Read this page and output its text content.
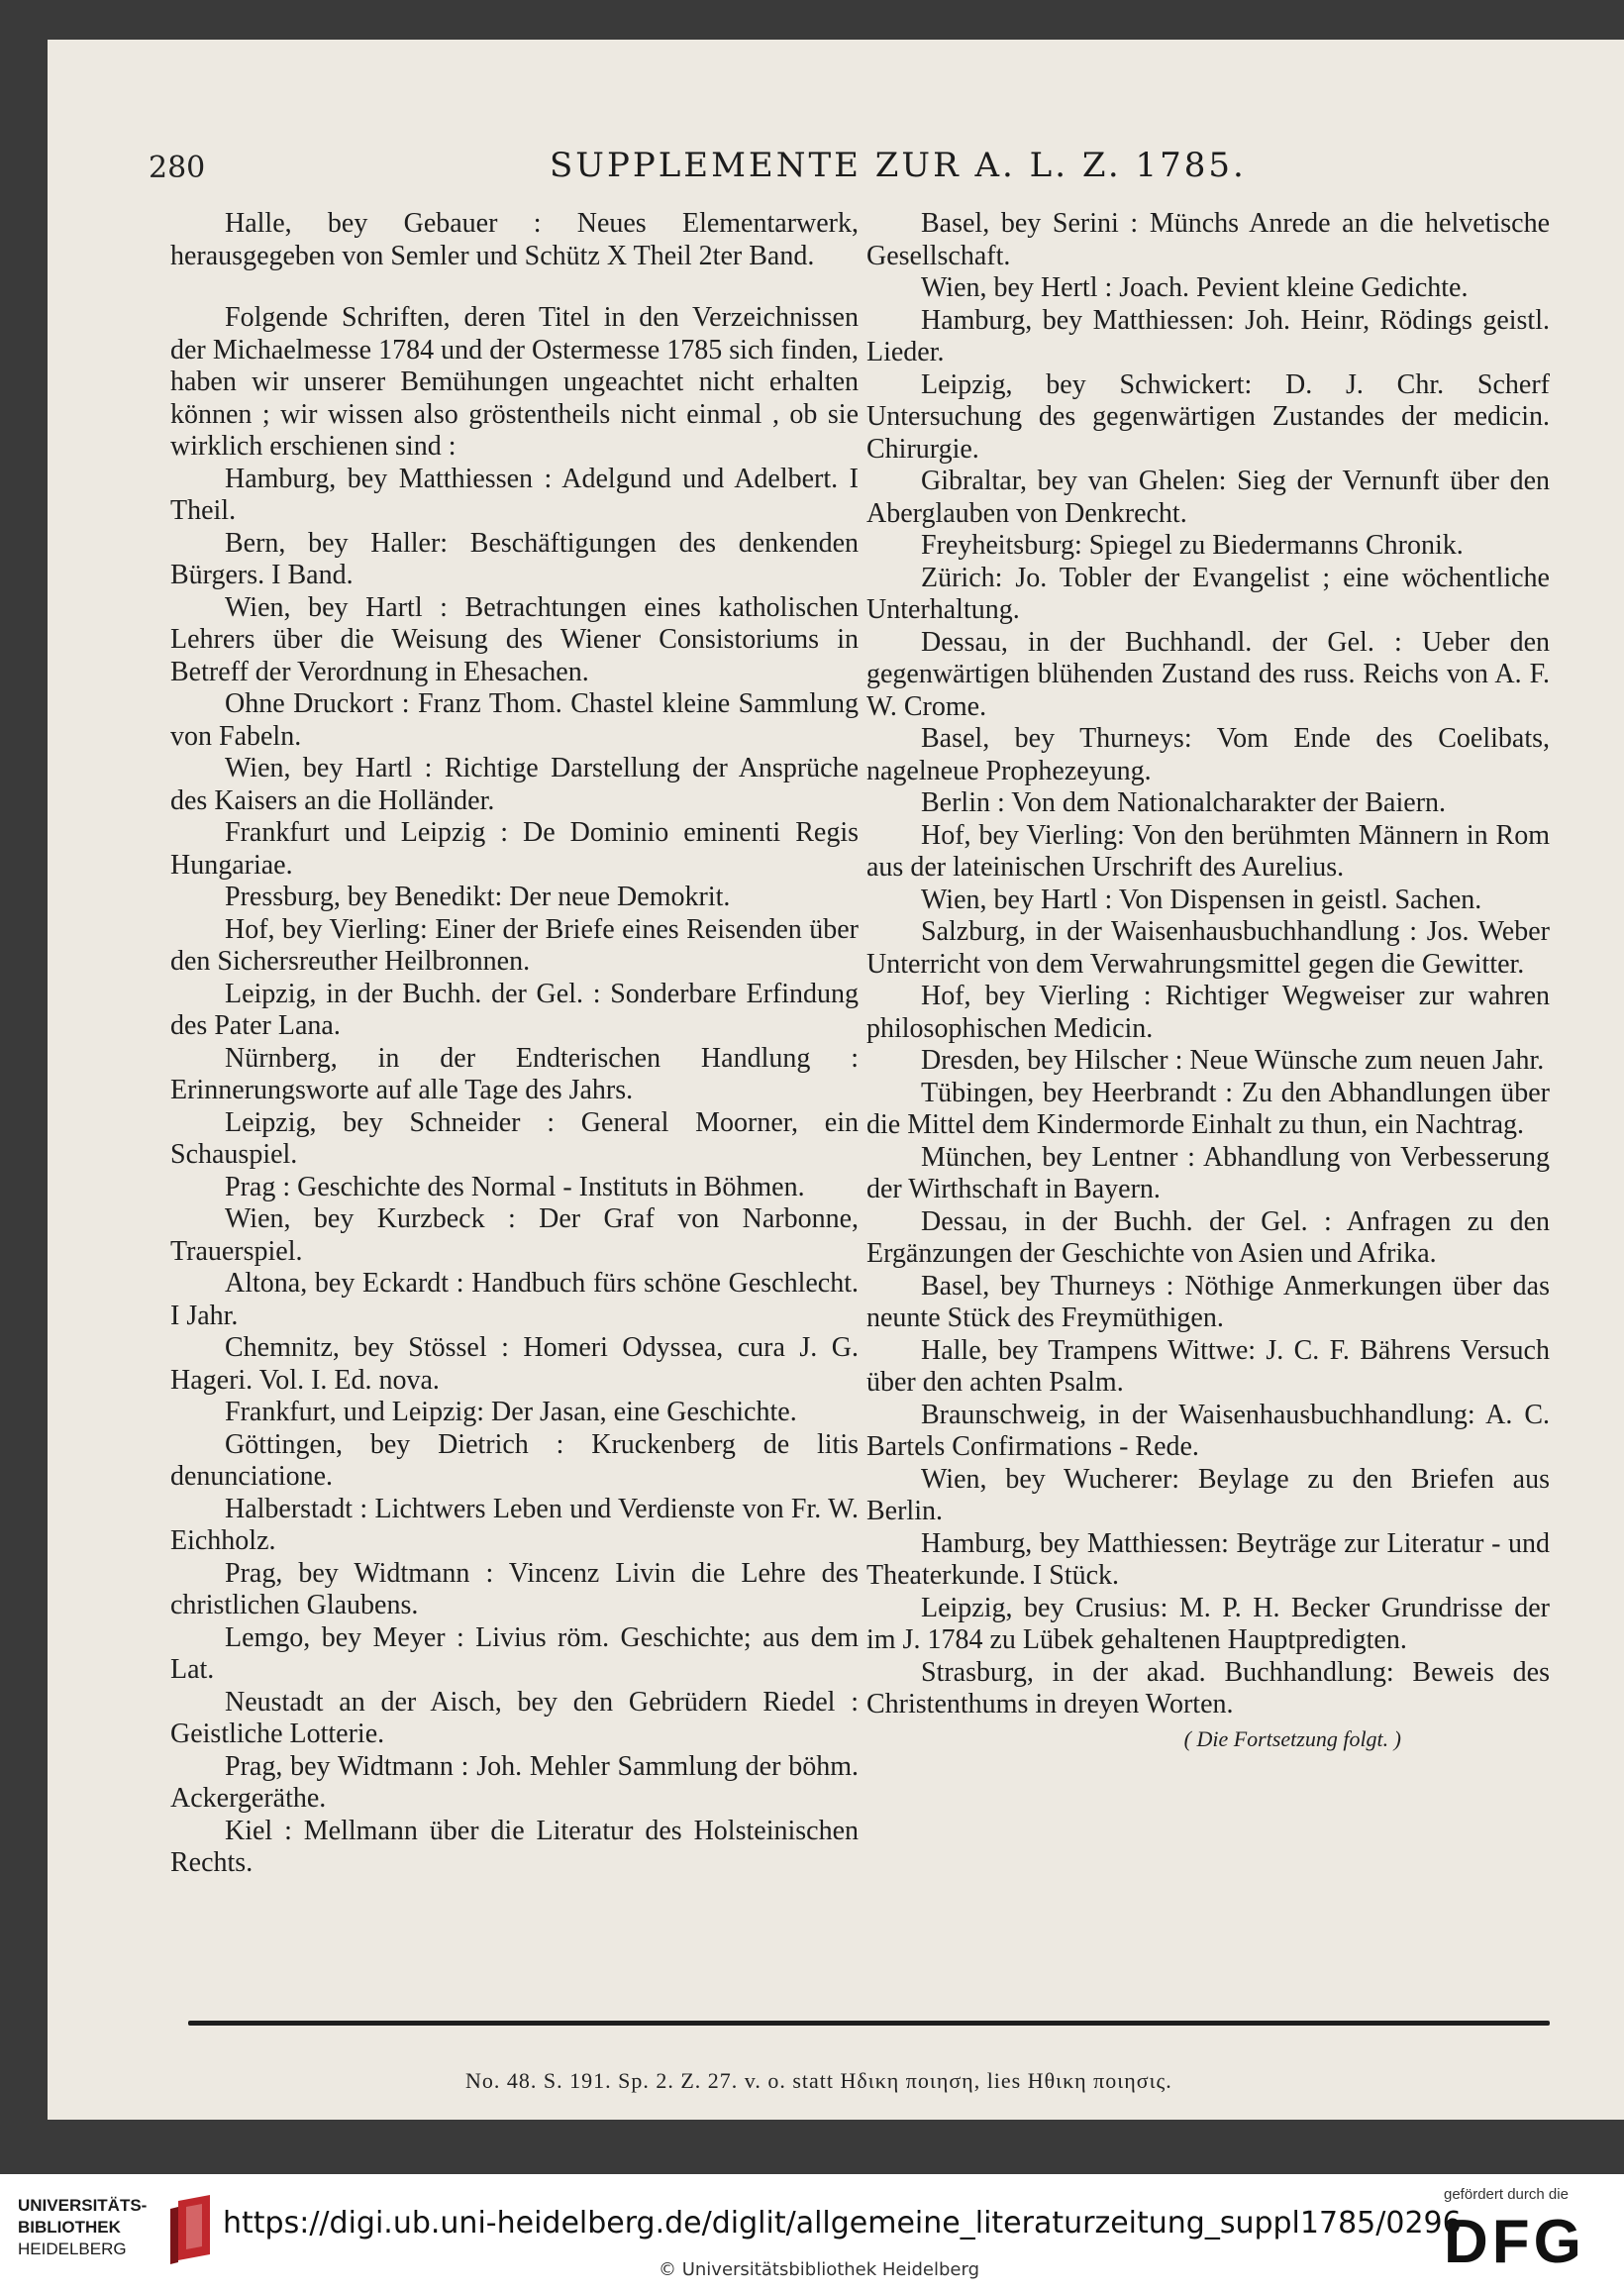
280	SUPPLEMENTE ZUR A. L. Z. 1785.
Halle, bey Gebauer : Neues Elementarwerk, herausgegeben von Semler und Schütz X Theil 2ter Band.
Folgende Schriften, deren Titel in den Verzeichnissen der Michaelmesse 1784 und der Ostermesse 1785 sich finden, haben wir unserer Bemühungen ungeachtet nicht erhalten können ; wir wissen also gröstentheils nicht einmal , ob sie wirklich erschienen sind :
Hamburg, bey Matthiessen : Adelgund und Adelbert. I Theil.
Bern, bey Haller: Beschäftigungen des denkenden Bürgers. I Band.
Wien, bey Hartl : Betrachtungen eines katholischen Lehrers über die Weisung des Wiener Consistoriums in Betreff der Verordnung in Ehesachen.
Ohne Druckort : Franz Thom. Chastel kleine Sammlung von Fabeln.
Wien, bey Hartl : Richtige Darstellung der Ansprüche des Kaisers an die Holländer.
Frankfurt und Leipzig : De Dominio eminenti Regis Hungariae.
Pressburg, bey Benedikt: Der neue Demokrit.
Hof, bey Vierling: Einer der Briefe eines Reisenden über den Sichersreuther Heilbronnen.
Leipzig, in der Buchh. der Gel. : Sonderbare Erfindung des Pater Lana.
Nürnberg, in der Endterischen Handlung : Erinnerungsworte auf alle Tage des Jahrs.
Leipzig, bey Schneider : General Moorner, ein Schauspiel.
Prag : Geschichte des Normal - Instituts in Böhmen.
Wien, bey Kurzbeck : Der Graf von Narbonne, Trauerspiel.
Altona, bey Eckardt : Handbuch fürs schöne Geschlecht. I Jahr.
Chemnitz, bey Stössel : Homeri Odyssea, cura J. G. Hageri. Vol. I. Ed. nova.
Frankfurt, und Leipzig: Der Jasan, eine Geschichte.
Göttingen, bey Dietrich : Kruckenberg de litis denunciatione.
Halberstadt : Lichtwers Leben und Verdienste von Fr. W. Eichholz.
Prag, bey Widtmann : Vincenz Livin die Lehre des christlichen Glaubens.
Lemgo, bey Meyer : Livius röm. Geschichte; aus dem Lat.
Neustadt an der Aisch, bey den Gebrüdern Riedel : Geistliche Lotterie.
Prag, bey Widtmann : Joh. Mehler Sammlung der böhm. Ackergeräthe.
Kiel : Mellmann über die Literatur des Holsteinischen Rechts.
Basel, bey Serini : Münchs Anrede an die helvetische Gesellschaft.
Wien, bey Hertl : Joach. Pevient kleine Gedichte.
Hamburg, bey Matthiessen: Joh. Heinr, Rödings geistl. Lieder.
Leipzig, bey Schwickert: D. J. Chr. Scherf Untersuchung des gegenwärtigen Zustandes der medicin. Chirurgie.
Gibraltar, bey van Ghelen: Sieg der Vernunft über den Aberglauben von Denkrecht.
Freyheitsburg: Spiegel zu Biedermanns Chronik.
Zürich: Jo. Tobler der Evangelist ; eine wöchentliche Unterhaltung.
Dessau, in der Buchhandl. der Gel. : Ueber den gegenwärtigen blühenden Zustand des russ. Reichs von A. F. W. Crome.
Basel, bey Thurneys: Vom Ende des Coelibats, nagelneue Prophezeyung.
Berlin : Von dem Nationalcharakter der Baiern.
Hof, bey Vierling: Von den berühmten Männern in Rom aus der lateinischen Urschrift des Aurelius.
Wien, bey Hartl : Von Dispensen in geistl. Sachen.
Salzburg, in der Waisenhausbuchhandlung : Jos. Weber Unterricht von dem Verwahrungsmittel gegen die Gewitter.
Hof, bey Vierling : Richtiger Wegweiser zur wahren philosophischen Medicin.
Dresden, bey Hilscher : Neue Wünsche zum neuen Jahr.
Tübingen, bey Heerbrandt : Zu den Abhandlungen über die Mittel dem Kindermorde Einhalt zu thun, ein Nachtrag.
München, bey Lentner : Abhandlung von Verbesserung der Wirthschaft in Bayern.
Dessau, in der Buchh. der Gel. : Anfragen zu den Ergänzungen der Geschichte von Asien und Afrika.
Basel, bey Thurneys : Nöthige Anmerkungen über das neunte Stück des Freymüthigen.
Halle, bey Trampens Wittwe: J. C. F. Bährens Versuch über den achten Psalm.
Braunschweig, in der Waisenhausbuchhandlung: A. C. Bartels Confirmations - Rede.
Wien, bey Wucherer: Beylage zu den Briefen aus Berlin.
Hamburg, bey Matthiessen: Beyträge zur Literatur - und Theaterkunde. I Stück.
Leipzig, bey Crusius: M. P. H. Becker Grundrisse der im J. 1784 zu Lübek gehaltenen Hauptpredigten.
Strasburg, in der akad. Buchhandlung: Beweis des Christenthums in dreyen Worten.
( Die Fortsetzung folgt. )
No. 48. S. 191. Sp. 2. Z. 27. v. o. statt Ηδικη ποιηση, lies Ηθικη ποιησις.
UNIVERSITÄTS-BIBLIOTHEK
HEIDELBERG
https://digi.ub.uni-heidelberg.de/diglit/allgemeine_literaturzeitung_suppl1785/0296
© Universitätsbibliothek Heidelberg
gefördert durch die
DFG
